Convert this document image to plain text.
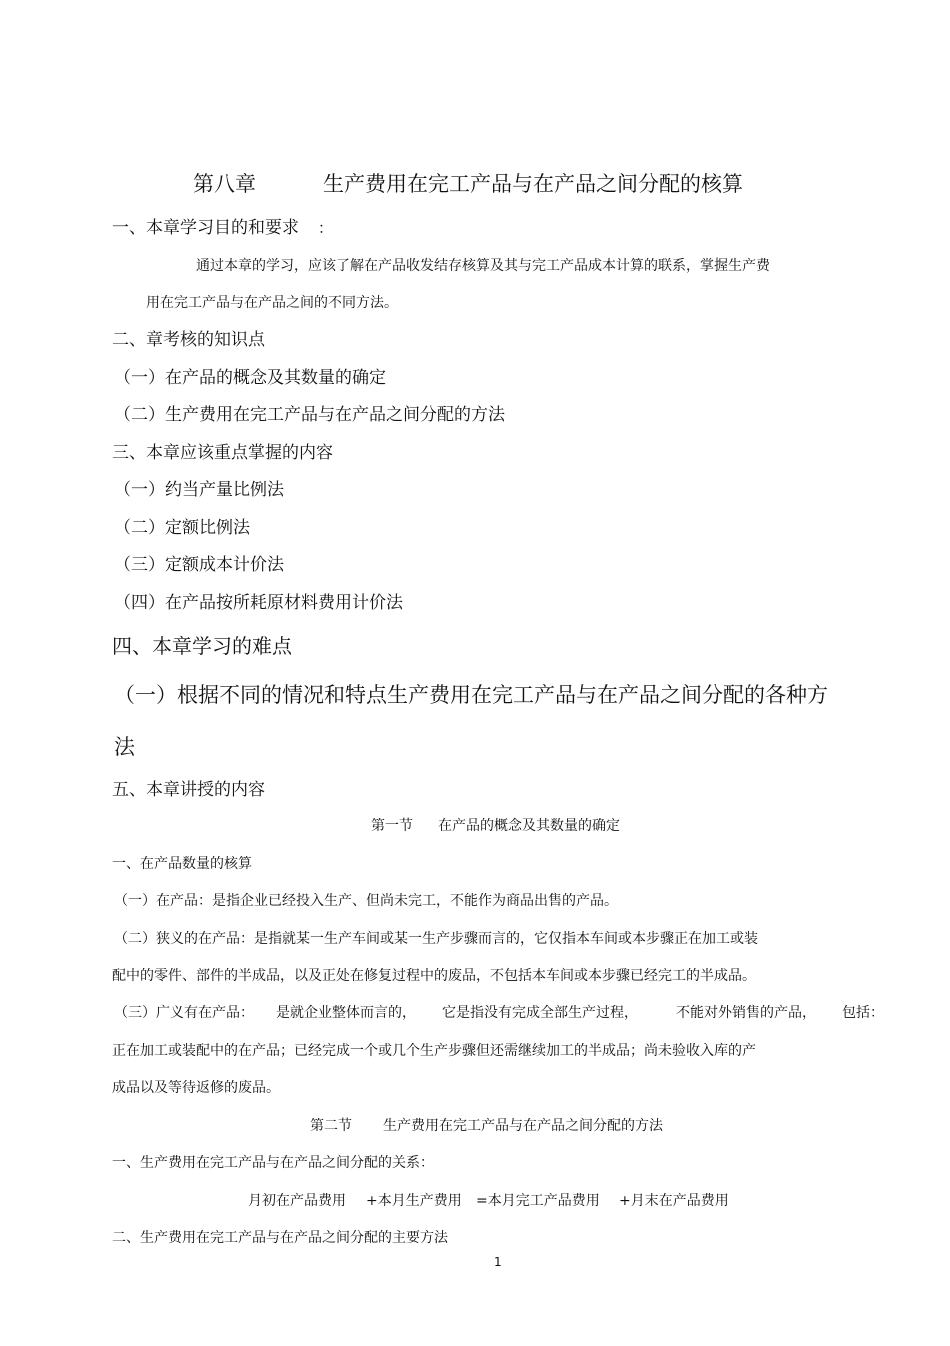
第八章	生产费用在完工产品与在产品之间分配的核算
一、本章学习目的和要求 ：
通过本章的学习，应该了解在产品收发结存核算及其与完工产品成本计算的联系，掌握生产费
用在完工产品与在产品之间的不同方法。
二、章考核的知识点
（一）在产品的概念及其数量的确定
（二）生产费用在完工产品与在产品之间分配的方法
三、本章应该重点掌握的内容
（一）约当产量比例法
（二）定额比例法
（三）定额成本计价法
（四）在产品按所耗原材料费用计价法
四、本章学习的难点
（一）根据不同的情况和特点生产费用在完工产品与在产品之间分配的各种方
法
五、本章讲授的内容
第一节 在产品的概念及其数量的确定
一、在产品数量的核算
（一）在产品：是指企业已经投入生产、但尚未完工，不能作为商品出售的产品。
（二）狭义的在产品：是指就某一生产车间或某一生产步骤而言的，它仅指本车间或本步骤正在加工或装
配中的零件、部件的半成品，以及正处在修复过程中的废品，不包括本车间或本步骤已经完工的半成品。
（三）广义有在产品： 是就企业整体而言的， 它是指没有完成全部生产过程，	不能对外销售的产品， 包括：
正在加工或装配中的在产品；已经完成一个或几个生产步骤但还需继续加工的半成品；尚未验收入库的产
成品以及等待返修的废品。
第二节 生产费用在完工产品与在产品之间分配的方法
一、生产费用在完工产品与在产品之间分配的关系：
月初在产品费用 +本月生产费用 =本月完工产品费用 +月末在产品费用
二、生产费用在完工产品与在产品之间分配的主要方法
1
